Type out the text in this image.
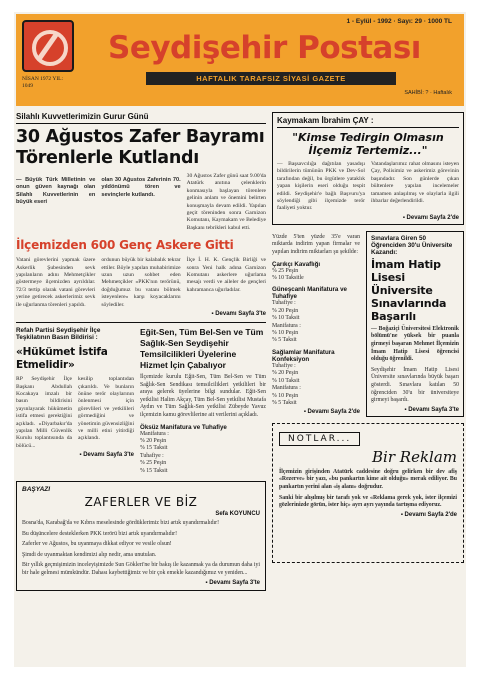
NİSAN 1972 YIL: 1049
1 - Eylül - 1992 · Sayı: 29 · 1000 TL
Seydişehir Postası
HAFTALIK TARAFSIZ SİYASİ GAZETE
SAHİBİ: ? · Haftalık
Silahlı Kuvvetlerimizin Gurur Günü
30 Ağustos Zafer Bayramı Törenlerle Kutlandı
— Büyük Türk Milletinin ve onun güven kaynağı olan Silahlı Kuvvetlerinin en büyük eseri
olan 30 Ağustos Zaferinin 70. yıldönümü tören ve sevinçlerle kutlandı.
30 Ağustos Zafer günü saat 9.00'da Atatürk anıtına çelenklerin konmasıyla başlayan törenlere gelinin anlam ve önemini belirten konuşmayla devam edildi. Yapılan geçit töreninden sonra Garnizon Komutanı, Kaymakam ve Belediye Başkanı tebrikleri kabul etti.
İlçemizden 600 Genç Askere Gitti
Vatani görevlerini yapmak üzere Askerlik Şubesinden sevk yapılanların adını Mehmetçikler göstermeye ilçemizden ayrıldılar. 72/3 tertip olarak vatani görevleri yerine getirecek askerlerimiz sevk ile uğurlanma törenleri yapıldı.
ordunun büyük bir kalabalık tekrar ettiler. Böyle yapılan muhabirimize uzun uzun sohbet eden Mehmetçikler «PKK'nın terörünü, doğduğumuz bu vatanı bölmek isteyenlere» karşı koyacaklarını söylediler.
İlçe İ. H. K. Gençlik Birliği ve sonra Yeni halk adına Garnizon Komutanı askerlere uğurlama mesajı verdi ve aileler de gençleri kahramanca uğurladılar.
▪ Devamı Sayfa 3'te
Refah Partisi Seydişehir İlçe Teşkilatının Basın Bildirisi :
«Hükümet İstifa Etmelidir»
RP Seydişehir İlçe Başkanı Abdullah Kocakaya imzalı bir basın bildirisini yayınlayarak hükümetin istifa etmesi gerektiğini açıkladı. «Diyarbakır'da yapılan Milli Güvenlik Kurulu toplantısında da bölücü...
kesilip toplantıdan çıkarıldı. Ve bunların önüne terör olaylarının önlenmesi için görevlileri ve yetkilileri görmediğini ve yönetimin güvensizliğini ve milli etini yitirdiği açıklandı.
▪ Devamı Sayfa 3'te
Eğit-Sen, Tüm Bel-Sen ve Tüm Sağlık-Sen Seydişehir Temsilcilikleri Üyelerine Hizmet İçin Çabalıyor
İlçemizde kurulu Eğit-Sen, Tüm Bel-Sen ve Tüm Sağlık-Sen Sendikası temsilcilikleri yetkilileri bir araya gelerek üyelerine bilgi sundular. Eğit-Sen yetkilisi Halim Akçay, Tüm Bel-Sen yetkilisi Mustafa Aydın ve Tüm Sağlık-Sen yetkilisi Zübeyde Yavuz ilçemizin kamu görevlilerine ait verilerini açıkladı.
Öksüz Manifatura ve Tuhafiye
Manifatura :
% 20 Peşin
% 15 Taksit
Tuhafiye :
% 25 Peşin
% 15 Taksit
BAŞYAZI
ZAFERLER VE BİZ
Sefa KOYUNCU
Bosna'da, Karabağ'da ve Kıbrıs meselesinde gördüklerimiz bizi artık uyandırmalıdır!
Bu düşüncelere desteklerken PKK terörü bizi artık uyandırmalıdır!
Zaferler ve Ağustos, bu uyanmaya dikkat ediyor ve vesile olsun!
Şimdi de uyanmaktan kendimizi alıp nedir, ama unutulan.
Bir yıllık geçmişimizin inceleyişimizde Sun Gökleri'ne bir bakış ile kazanmak ya da durumun daha iyi bir hale gelmesi mümkündür. Dahası kaybettiğimiz ve bir çok emekle kazandığımız ve yeniden...
▪ Devamı Sayfa 3'te
Kaymakam İbrahim ÇAY :
"Kimse Tedirgin Olmasın İlçemiz Tertemiz..."
— Başsavcılığa dağıtılan yasadışı bildirilerin tümünün PKK ve Dev-Sol tarafından değil, bu örgütlere yataklık yapan kişilerin eseri olduğu tespit edildi. Seydişehir'e bağlı Başvuru'ya söylendiği gibi ilçemizde terör faaliyeti yoktur.
Vatandaşlarımız rahat olmasını isteyen Çay, Polisimiz ve askerimiz görevinin başındadır. Son günlerde çıkan bültenlere yapılan incelemeler tamamen anlaşılmış ve olaylarla ilgili ihbarlar değerlendirildi.
▪ Devamı Sayfa 2'de
Yüzde 5'ten yüzde 35'e varan miktarda indirim yapan firmalar ve yapılan indirim miktarları şu şekilde:
Çarıkçı Kavaflığı
% 25 Peşin
% 10 Taksitle
Güneşcanlı Manifatura ve Tuhafiye
Tuhafiye :
% 20 Peşin
% 10 Taksit
Manifatura :
% 10 Peşin
% 5 Taksit
Sağlamlar Manifatura Konfeksiyon
Tuhafiye :
% 20 Peşin
% 10 Taksit
Manifatura :
% 10 Peşin
% 5 Taksit
▪ Devamı Sayfa 2'de
Sınavlara Giren 50 Öğrenciden 30'u Üniversite Kazandı:
İmam Hatip Lisesi Üniversite Sınavlarında Başarılı
— Boğaziçi Üniversitesi Elektronik bölümü'ne yüksek bir puanla girmeyi başaran Mehmet İlçemizin İmam Hatip Lisesi öğrencisi olduğu öğrenildi.
Seydişehir İmam Hatip Lisesi Üniversite sınavlarında büyük başarı gösterdi. Sınavlara katılan 50 öğrenciden 30'u bir üniversiteye girmeyi başardı.
▪ Devamı Sayfa 3'te
NOTLAR...
Bir Reklam
İlçemizin girişinden Atatürk caddesine doğru gelirken bir dev afiş «Rezerve» bir yazı, «bu pankartın kime ait olduğu» merak ediliyor. Bu pankartın yerini alan «iş alanı» doğrudur.
Sanki bir alışılmış bir tarafı yok ve «Reklama gerek yok, ister ilçemizi gözlerinizde görün, ister hiç» ayrı ayrı yayında tartışma ediyoruz.
▪ Devamı Sayfa 2'de
